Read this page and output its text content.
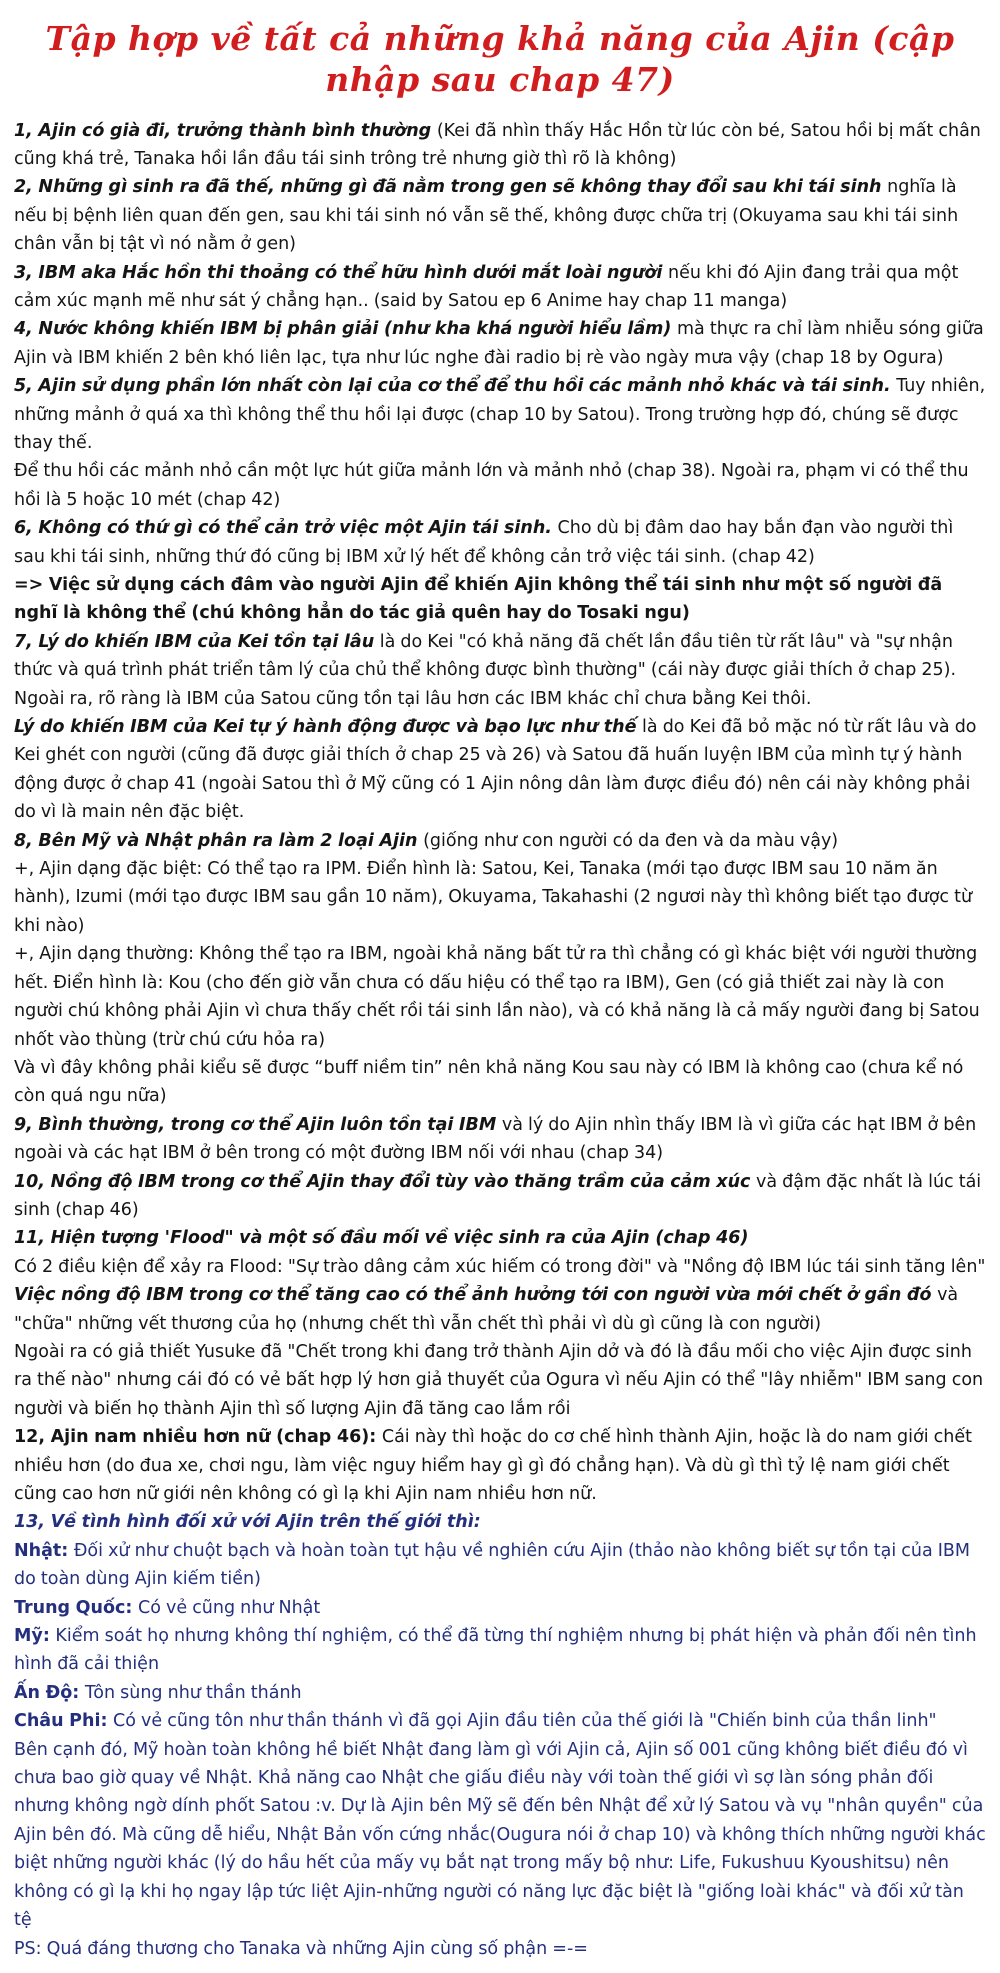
Tập hợp về tất cả những khả năng của Ajin (cập nhập sau chap 47)

1, Ajin có già đi, trưởng thành bình thường (Kei đã nhìn thấy Hắc Hồn từ lúc còn bé, Satou hồi bị mất chân cũng khá trẻ, Tanaka hồi lần đầu tái sinh trông trẻ nhưng giờ thì rõ là không)

2, Những gì sinh ra đã thế, những gì đã nằm trong gen sẽ không thay đổi sau khi tái sinh nghĩa là nếu bị bệnh liên quan đến gen, sau khi tái sinh nó vẫn sẽ thế, không được chữa trị (Okuyama sau khi tái sinh chân vẫn bị tật vì nó nằm ở gen)

3, IBM aka Hắc hồn thi thoảng có thể hữu hình dưới mắt loài người nếu khi đó Ajin đang trải qua một cảm xúc mạnh mẽ như sát ý chẳng hạn.. (said by Satou ep 6 Anime hay chap 11 manga)

4, Nước không khiến IBM bị phân giải (như kha khá người hiểu lầm) mà thực ra chỉ làm nhiễu sóng giữa Ajin và IBM khiến 2 bên khó liên lạc, tựa như lúc nghe đài radio bị rè vào ngày mưa vậy (chap 18 by Ogura)

5, Ajin sử dụng phần lớn nhất còn lại của cơ thể để thu hồi các mảnh nhỏ khác và tái sinh. Tuy nhiên, những mảnh ở quá xa thì không thể thu hồi lại được (chap 10 by Satou). Trong trường hợp đó, chúng sẽ được thay thế.

Để thu hồi các mảnh nhỏ cần một lực hút giữa mảnh lớn và mảnh nhỏ (chap 38). Ngoài ra, phạm vi có thể thu hồi là 5 hoặc 10 mét (chap 42)

6, Không có thứ gì có thể cản trở việc một Ajin tái sinh. Cho dù bị đâm dao hay bắn đạn vào người thì sau khi tái sinh, những thứ đó cũng bị IBM xử lý hết để không cản trở việc tái sinh. (chap 42)

=> Việc sử dụng cách đâm vào người Ajin để khiến Ajin không thể tái sinh như một số người đã nghĩ là không thể (chú không hẳn do tác giả quên hay do Tosaki ngu)

7, Lý do khiến IBM của Kei tồn tại lâu là do Kei "có khả năng đã chết lần đầu tiên từ rất lâu" và "sự nhận thức và quá trình phát triển tâm lý của chủ thể không được bình thường" (cái này được giải thích ở chap 25). Ngoài ra, rõ ràng là IBM của Satou cũng tồn tại lâu hơn các IBM khác chỉ chưa bằng Kei thôi.

Lý do khiến IBM của Kei tự ý hành động được và bạo lực như thế là do Kei đã bỏ mặc nó từ rất lâu và do Kei ghét con người (cũng đã được giải thích ở chap 25 và 26) và Satou đã huấn luyện IBM của mình tự ý hành động được ở chap 41 (ngoài Satou thì ở Mỹ cũng có 1 Ajin nông dân làm được điều đó) nên cái này không phải do vì là main nên đặc biệt.

8, Bên Mỹ và Nhật phân ra làm 2 loại Ajin (giống như con người có da đen và da màu vậy)

+, Ajin dạng đặc biệt: Có thể tạo ra IPM. Điển hình là: Satou, Kei, Tanaka (mới tạo được IBM sau 10 năm ăn hành), Izumi (mới tạo được IBM sau gần 10 năm), Okuyama, Takahashi (2 ngươi này thì không biết tạo được từ khi nào)

+, Ajin dạng thường: Không thể tạo ra IBM, ngoài khả năng bất tử ra thì chẳng có gì khác biệt với người thường hết. Điển hình là: Kou (cho đến giờ vẫn chưa có dấu hiệu có thể tạo ra IBM), Gen (có giả thiết zai này là con người chú không phải Ajin vì chưa thấy chết rồi tái sinh lần nào), và có khả năng là cả mấy người đang bị Satou nhốt vào thùng (trừ chú cứu hỏa ra)

Và vì đây không phải kiểu sẽ được “buff niềm tin” nên khả năng Kou sau này có IBM là không cao (chưa kể nó còn quá ngu nữa)

9, Bình thường, trong cơ thể Ajin luôn tồn tại IBM và lý do Ajin nhìn thấy IBM là vì giữa các hạt IBM ở bên ngoài và các hạt IBM ở bên trong có một đường IBM nối với nhau (chap 34)

10, Nồng độ IBM trong cơ thể Ajin thay đổi tùy vào thăng trầm của cảm xúc và đậm đặc nhất là lúc tái sinh (chap 46)

11, Hiện tượng 'Flood" và một số đầu mối về việc sinh ra của Ajin (chap 46)

Có 2 điều kiện để xảy ra Flood: "Sự trào dâng cảm xúc hiếm có trong đời" và "Nồng độ IBM lúc tái sinh tăng lên"

Việc nồng độ IBM trong cơ thể tăng cao có thể ảnh hưởng tới con người vừa mới chết ở gần đó và "chữa" những vết thương của họ (nhưng chết thì vẫn chết thì phải vì dù gì cũng là con người)

Ngoài ra có giả thiết Yusuke đã "Chết trong khi đang trở thành Ajin dở và đó là đầu mối cho việc Ajin được sinh ra thế nào" nhưng cái đó có vẻ bất hợp lý hơn giả thuyết của Ogura vì nếu Ajin có thể "lây nhiễm" IBM sang con người và biến họ thành Ajin thì số lượng Ajin đã tăng cao lắm rồi

12, Ajin nam nhiều hơn nữ (chap 46): Cái này thì hoặc do cơ chế hình thành Ajin, hoặc là do nam giới chết nhiều hơn (do đua xe, chơi ngu, làm việc nguy hiểm hay gì gì đó chẳng hạn). Và dù gì thì tỷ lệ nam giới chết cũng cao hơn nữ giới nên không có gì lạ khi Ajin nam nhiều hơn nữ.

13, Về tình hình đối xử với Ajin trên thế giới thì:

Nhật: Đối xử như chuột bạch và hoàn toàn tụt hậu về nghiên cứu Ajin (thảo nào không biết sự tồn tại của IBM do toàn dùng Ajin kiếm tiền)

Trung Quốc: Có vẻ cũng như Nhật

Mỹ: Kiểm soát họ nhưng không thí nghiệm, có thể đã từng thí nghiệm nhưng bị phát hiện và phản đối nên tình hình đã cải thiện

Ấn Độ: Tôn sùng như thần thánh

Châu Phi: Có vẻ cũng tôn như thần thánh vì đã gọi Ajin đầu tiên của thế giới là "Chiến binh của thần linh"

Bên cạnh đó, Mỹ hoàn toàn không hề biết Nhật đang làm gì với Ajin cả, Ajin số 001 cũng không biết điều đó vì chưa bao giờ quay về Nhật. Khả năng cao Nhật che giấu điều này với toàn thế giới vì sợ làn sóng phản đối nhưng không ngờ dính phốt Satou :v. Dự là Ajin bên Mỹ sẽ đến bên Nhật để xử lý Satou và vụ "nhân quyền" của Ajin bên đó. Mà cũng dễ hiểu, Nhật Bản vốn cứng nhắc(Ougura nói ở chap 10) và không thích những người khác biệt những người khác (lý do hầu hết của mấy vụ bắt nạt trong mấy bộ như: Life, Fukushuu Kyoushitsu) nên không có gì lạ khi họ ngay lập tức liệt Ajin-những người có năng lực đặc biệt là "giống loài khác" và đối xử tàn tệ

PS: Quá đáng thương cho Tanaka và những Ajin cùng số phận =-=
